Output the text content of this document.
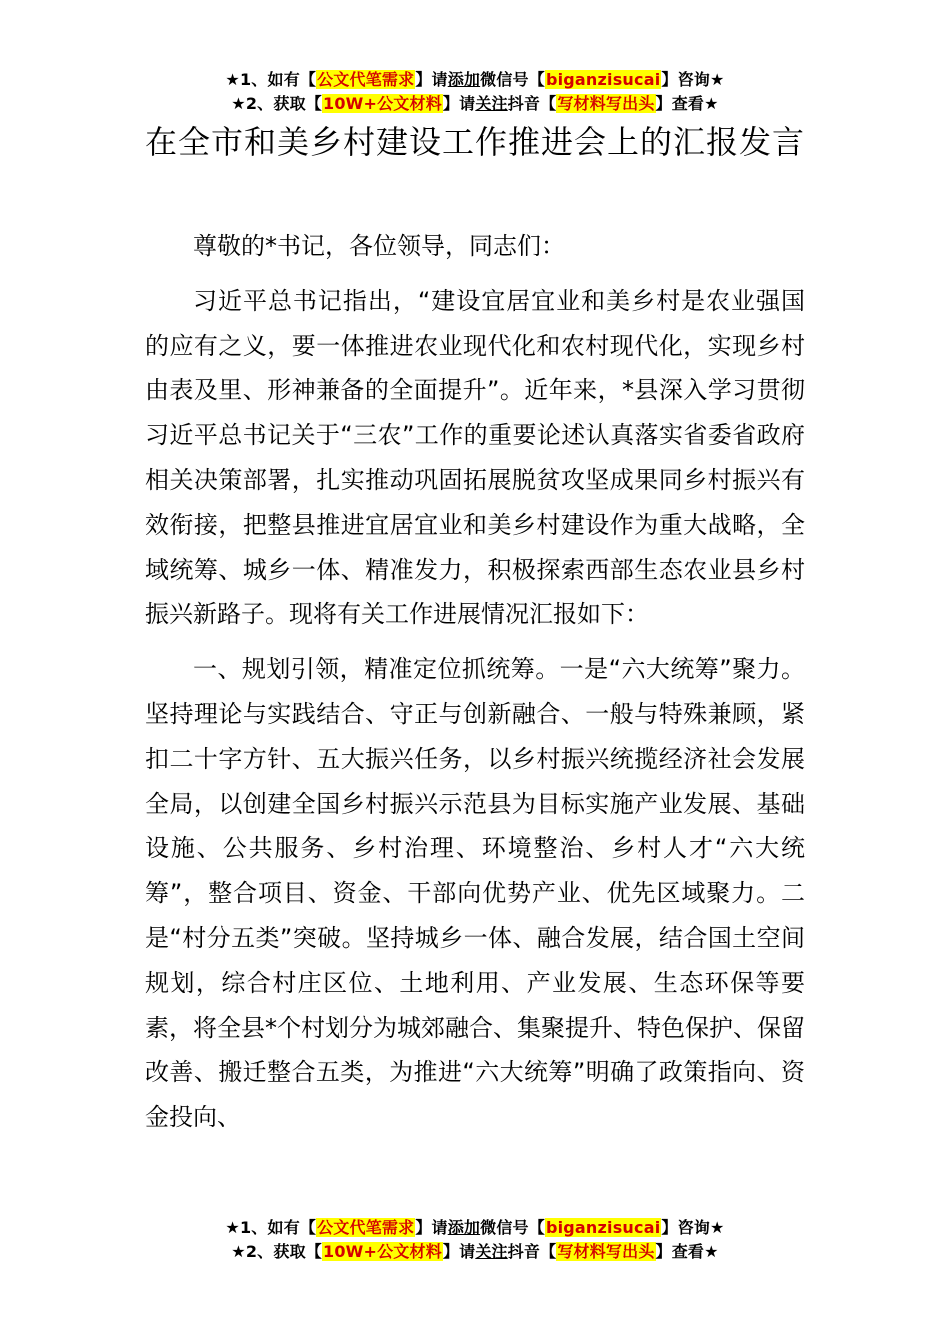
★1、如有【公文代笔需求】请添加微信号【biganzisucai】咨询★
★2、获取【10W+公文材料】请关注抖音【写材料写出头】查看★
在全市和美乡村建设工作推进会上的汇报发言

尊敬的*书记，各位领导，同志们：

习近平总书记指出，“建设宜居宜业和美乡村是农业强国的应有之义，要一体推进农业现代化和农村现代化，实现乡村由表及里、形神兼备的全面提升”。近年来，*县深入学习贯彻习近平总书记关于“三农”工作的重要论述认真落实省委省政府相关决策部署，扎实推动巩固拓展脱贫攻坚成果同乡村振兴有效衔接，把整县推进宜居宜业和美乡村建设作为重大战略，全域统筹、城乡一体、精准发力，积极探索西部生态农业县乡村振兴新路子。现将有关工作进展情况汇报如下：

一、规划引领，精准定位抓统筹。一是“六大统筹”聚力。坚持理论与实践结合、守正与创新融合、一般与特殊兼顾，紧扣二十字方针、五大振兴任务，以乡村振兴统揽经济社会发展全局，以创建全国乡村振兴示范县为目标实施产业发展、基础设施、公共服务、乡村治理、环境整治、乡村人才“六大统筹”，整合项目、资金、干部向优势产业、优先区域聚力。二是“村分五类”突破。坚持城乡一体、融合发展，结合国土空间规划，综合村庄区位、土地利用、产业发展、生态环保等要素，将全县*个村划分为城郊融合、集聚提升、特色保护、保留改善、搬迁整合五类，为推进“六大统筹”明确了政策指向、资金投向、

★1、如有【公文代笔需求】请添加微信号【biganzisucai】咨询★
★2、获取【10W+公文材料】请关注抖音【写材料写出头】查看★
